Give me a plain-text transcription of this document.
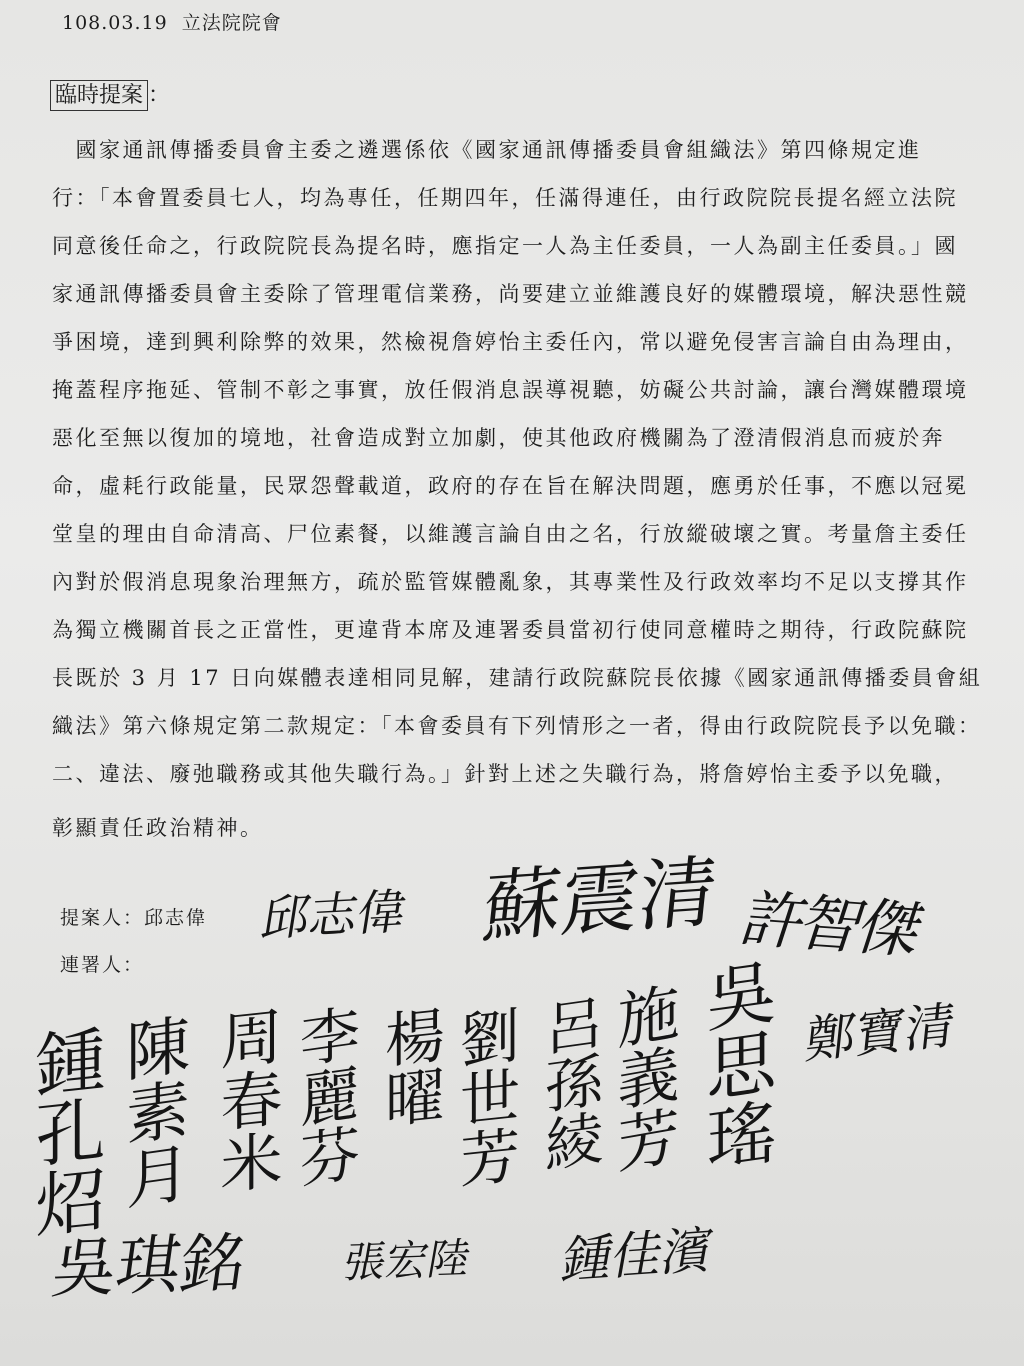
108.03.19 立法院院會
臨時提案 ：
　國家通訊傳播委員會主委之遴選係依《國家通訊傳播委員會組織法》第四條規定進
行：「本會置委員七人，均為專任，任期四年，任滿得連任，由行政院院長提名經立法院
同意後任命之，行政院院長為提名時，應指定一人為主任委員，一人為副主任委員。」國
家通訊傳播委員會主委除了管理電信業務，尚要建立並維護良好的媒體環境，解決惡性競
爭困境，達到興利除弊的效果，然檢視詹婷怡主委任內，常以避免侵害言論自由為理由，
掩蓋程序拖延、管制不彰之事實，放任假消息誤導視聽，妨礙公共討論，讓台灣媒體環境
惡化至無以復加的境地，社會造成對立加劇，使其他政府機關為了澄清假消息而疲於奔
命，虛耗行政能量，民眾怨聲載道，政府的存在旨在解決問題，應勇於任事，不應以冠冕
堂皇的理由自命清高、尸位素餐，以維護言論自由之名，行放縱破壞之實。考量詹主委任
內對於假消息現象治理無方，疏於監管媒體亂象，其專業性及行政效率均不足以支撐其作
為獨立機關首長之正當性，更違背本席及連署委員當初行使同意權時之期待，行政院蘇院
長既於 3 月 17 日向媒體表達相同見解，建請行政院蘇院長依據《國家通訊傳播委員會組
織法》第六條規定第二款規定：「本會委員有下列情形之一者，得由行政院院長予以免職：
二、違法、廢弛職務或其他失職行為。」針對上述之失職行為，將詹婷怡主委予以免職，
彰顯責任政治精神。
提案人：邱志偉
連署人：
邱志偉 蘇震清 許智傑
鄭寶清
鍾孔炤 陳素月 周春米 李麗芬 楊曜 劉世芳 呂孫綾 施義芳 吳思瑤
吳琪銘 張宏陸 鍾佳濱
